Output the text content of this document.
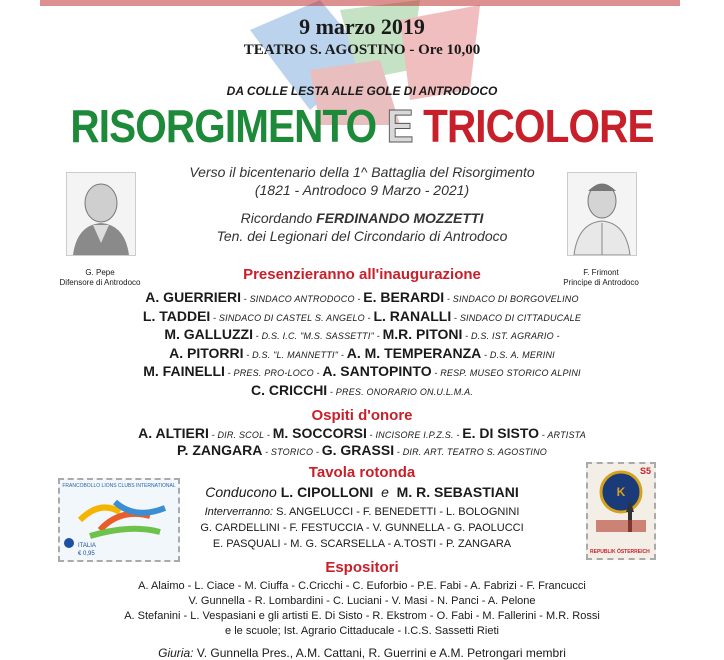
9 marzo 2019
TEATRO S. AGOSTINO - Ore 10,00
DA COLLE LESTA ALLE GOLE DI ANTRODOCO
RISORGIMENTO E TRICOLORE
Verso il bicentenario della 1^ Battaglia del Risorgimento
(1821 - Antrodoco 9 Marzo - 2021)
Ricordando FERDINANDO MOZZETTI
Ten. dei Legionari del Circondario di Antrodoco
G. Pepe
Difensore di Antrodoco
F. Frimont
Principe di Antrodoco
Presenzieranno all'inaugurazione
A. GUERRIERI - SINDACO ANTRODOCO - E. BERARDI - SINDACO DI BORGOVELINO
L. TADDEI - SINDACO DI CASTEL S. ANGELO - L. RANALLI - SINDACO DI CITTADUCALE
M. GALLUZZI - D.S. I.C. "M.S. SASSETTI" - M.R. PITONI - D.S. IST. AGRARIO -
A. PITORRI - D.S. "L. MANNETTI" - A. M. TEMPERANZA - D.S. A. MERINI
M. FAINELLI - PRES. PRO-LOCO - A. SANTOPINTO - RESP. MUSEO STORICO ALPINI
C. CRICCHI - PRES. ONORARIO ON.U.L.M.A.
Ospiti d'onore
A. ALTIERI - DIR. SCOL - M. SOCCORSI - INCISORE I.P.Z.S. - E. DI SISTO - ARTISTA
P. ZANGARA - STORICO - G. GRASSI - DIR. ART. TEATRO S. AGOSTINO
Tavola rotonda
Conducono L. CIPOLLONI e M. R. SEBASTIANI
Interverranno: S. ANGELUCCI - F. BENEDETTI - L. BOLOGNINI
G. CARDELLINI - F. FESTUCCIA - V. GUNNELLA - G. PAOLUCCI
E. PASQUALI - M. G. SCARSELLA - A.TOSTI - P. ZANGARA
FRANCOBOLLO LIONS CLUBS INTERNATIONAL
ITALIA
€ 0,95
K
S5
REPUBLIK ÖSTERREICH
Espositori
A. Alaimo - L. Ciace - M. Ciuffa - C.Cricchi - C. Euforbio - P.E. Fabi - A. Fabrizi - F. Francucci
V. Gunnella - R. Lombardini - C. Luciani - V. Masi - N. Panci - A. Pelone
A. Stefanini - L. Vespasiani e gli artisti E. Di Sisto - R. Ekstrom - O. Fabi - M. Fallerini - M.R. Rossi
e le scuole; Ist. Agrario Cittaducale - I.C.S. Sassetti Rieti
Giuria: V. Gunnella Pres., A.M. Cattani, R. Guerrini e A.M. Petrongari membri
